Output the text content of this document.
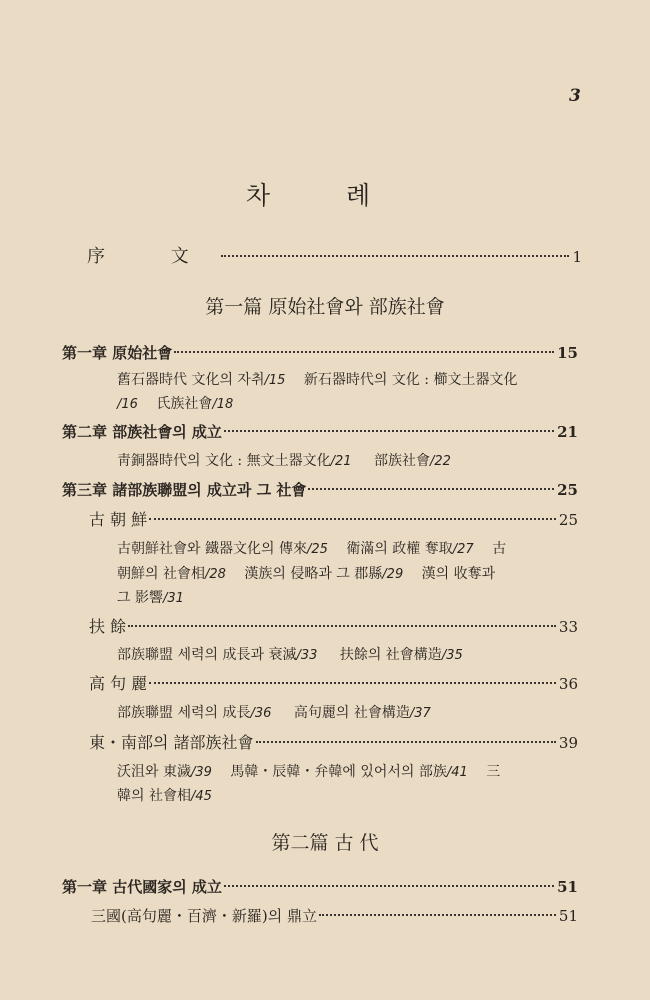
3
차 례
序 文	1
第一篇 原始社會와 部族社會
第一章 原始社會	15
舊石器時代 文化의 자취/15 新石器時代의 文化 : 櫛文土器文化
/16 氏族社會/18
第二章 部族社會의 成立	21
靑銅器時代의 文化 : 無文土器文化/21 部族社會/22
第三章 諸部族聯盟의 成立과 그 社會	25
古 朝 鮮	25
古朝鮮社會와 鐵器文化의 傳來/25 衛滿의 政權 奪取/27 古
朝鮮의 社會相/28 漢族의 侵略과 그 郡縣/29 漢의 收奪과
그 影響/31
扶 餘	33
部族聯盟 세력의 成長과 衰滅/33 扶餘의 社會構造/35
高 句 麗	36
部族聯盟 세력의 成長/36 高句麗의 社會構造/37
東・南部의 諸部族社會	39
沃沮와 東濊/39 馬韓・辰韓・弁韓에 있어서의 部族/41 三
韓의 社會相/45
第二篇 古 代
第一章 古代國家의 成立	51
三國(高句麗・百濟・新羅)의 鼎立	51
